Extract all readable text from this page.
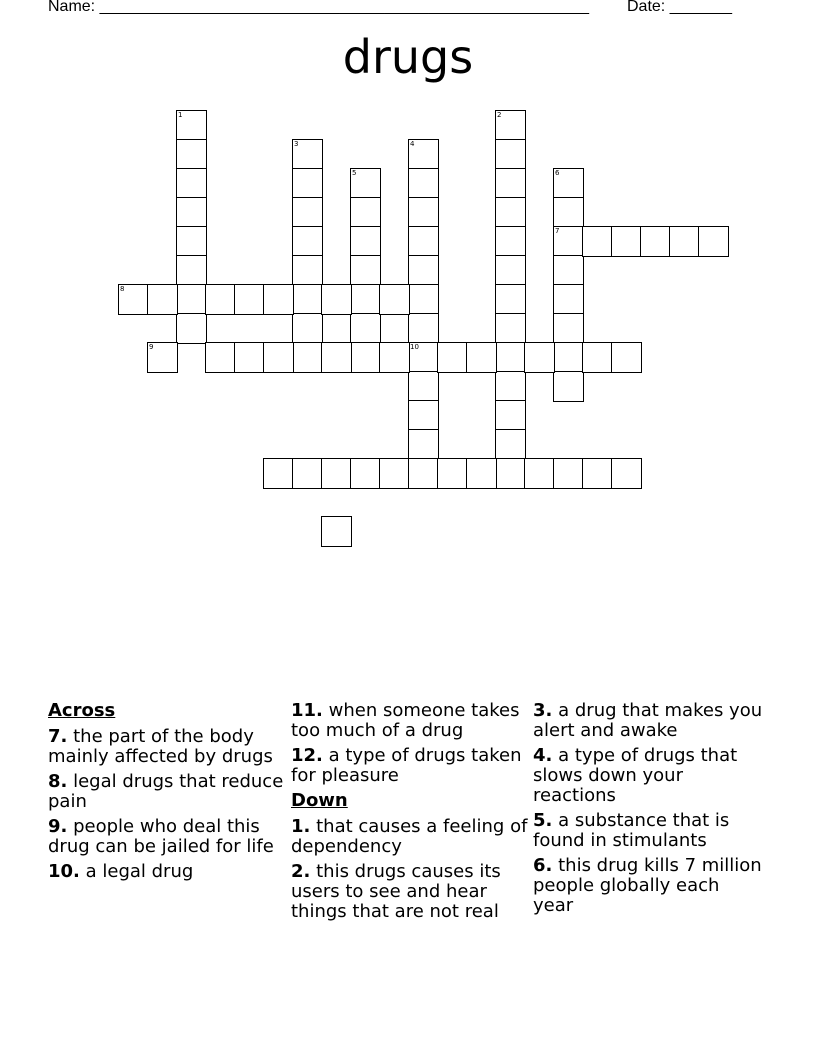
Name: _______________________________________________________ Date: _______
drugs
1
3
5
4
10
2
6
7
8
9
Across
7. the part of the body mainly affected by drugs
8. legal drugs that reduce pain
9. people who deal this drug can be jailed for life
10. a legal drug
11. when someone takes too much of a drug
12. a type of drugs taken for pleasure
Down
1. that causes a feeling of dependency
2. this drugs causes its users to see and hear things that are not real
3. a drug that makes you alert and awake
4. a type of drugs that slows down your reactions
5. a substance that is found in stimulants
6. this drug kills 7 million people globally each year
